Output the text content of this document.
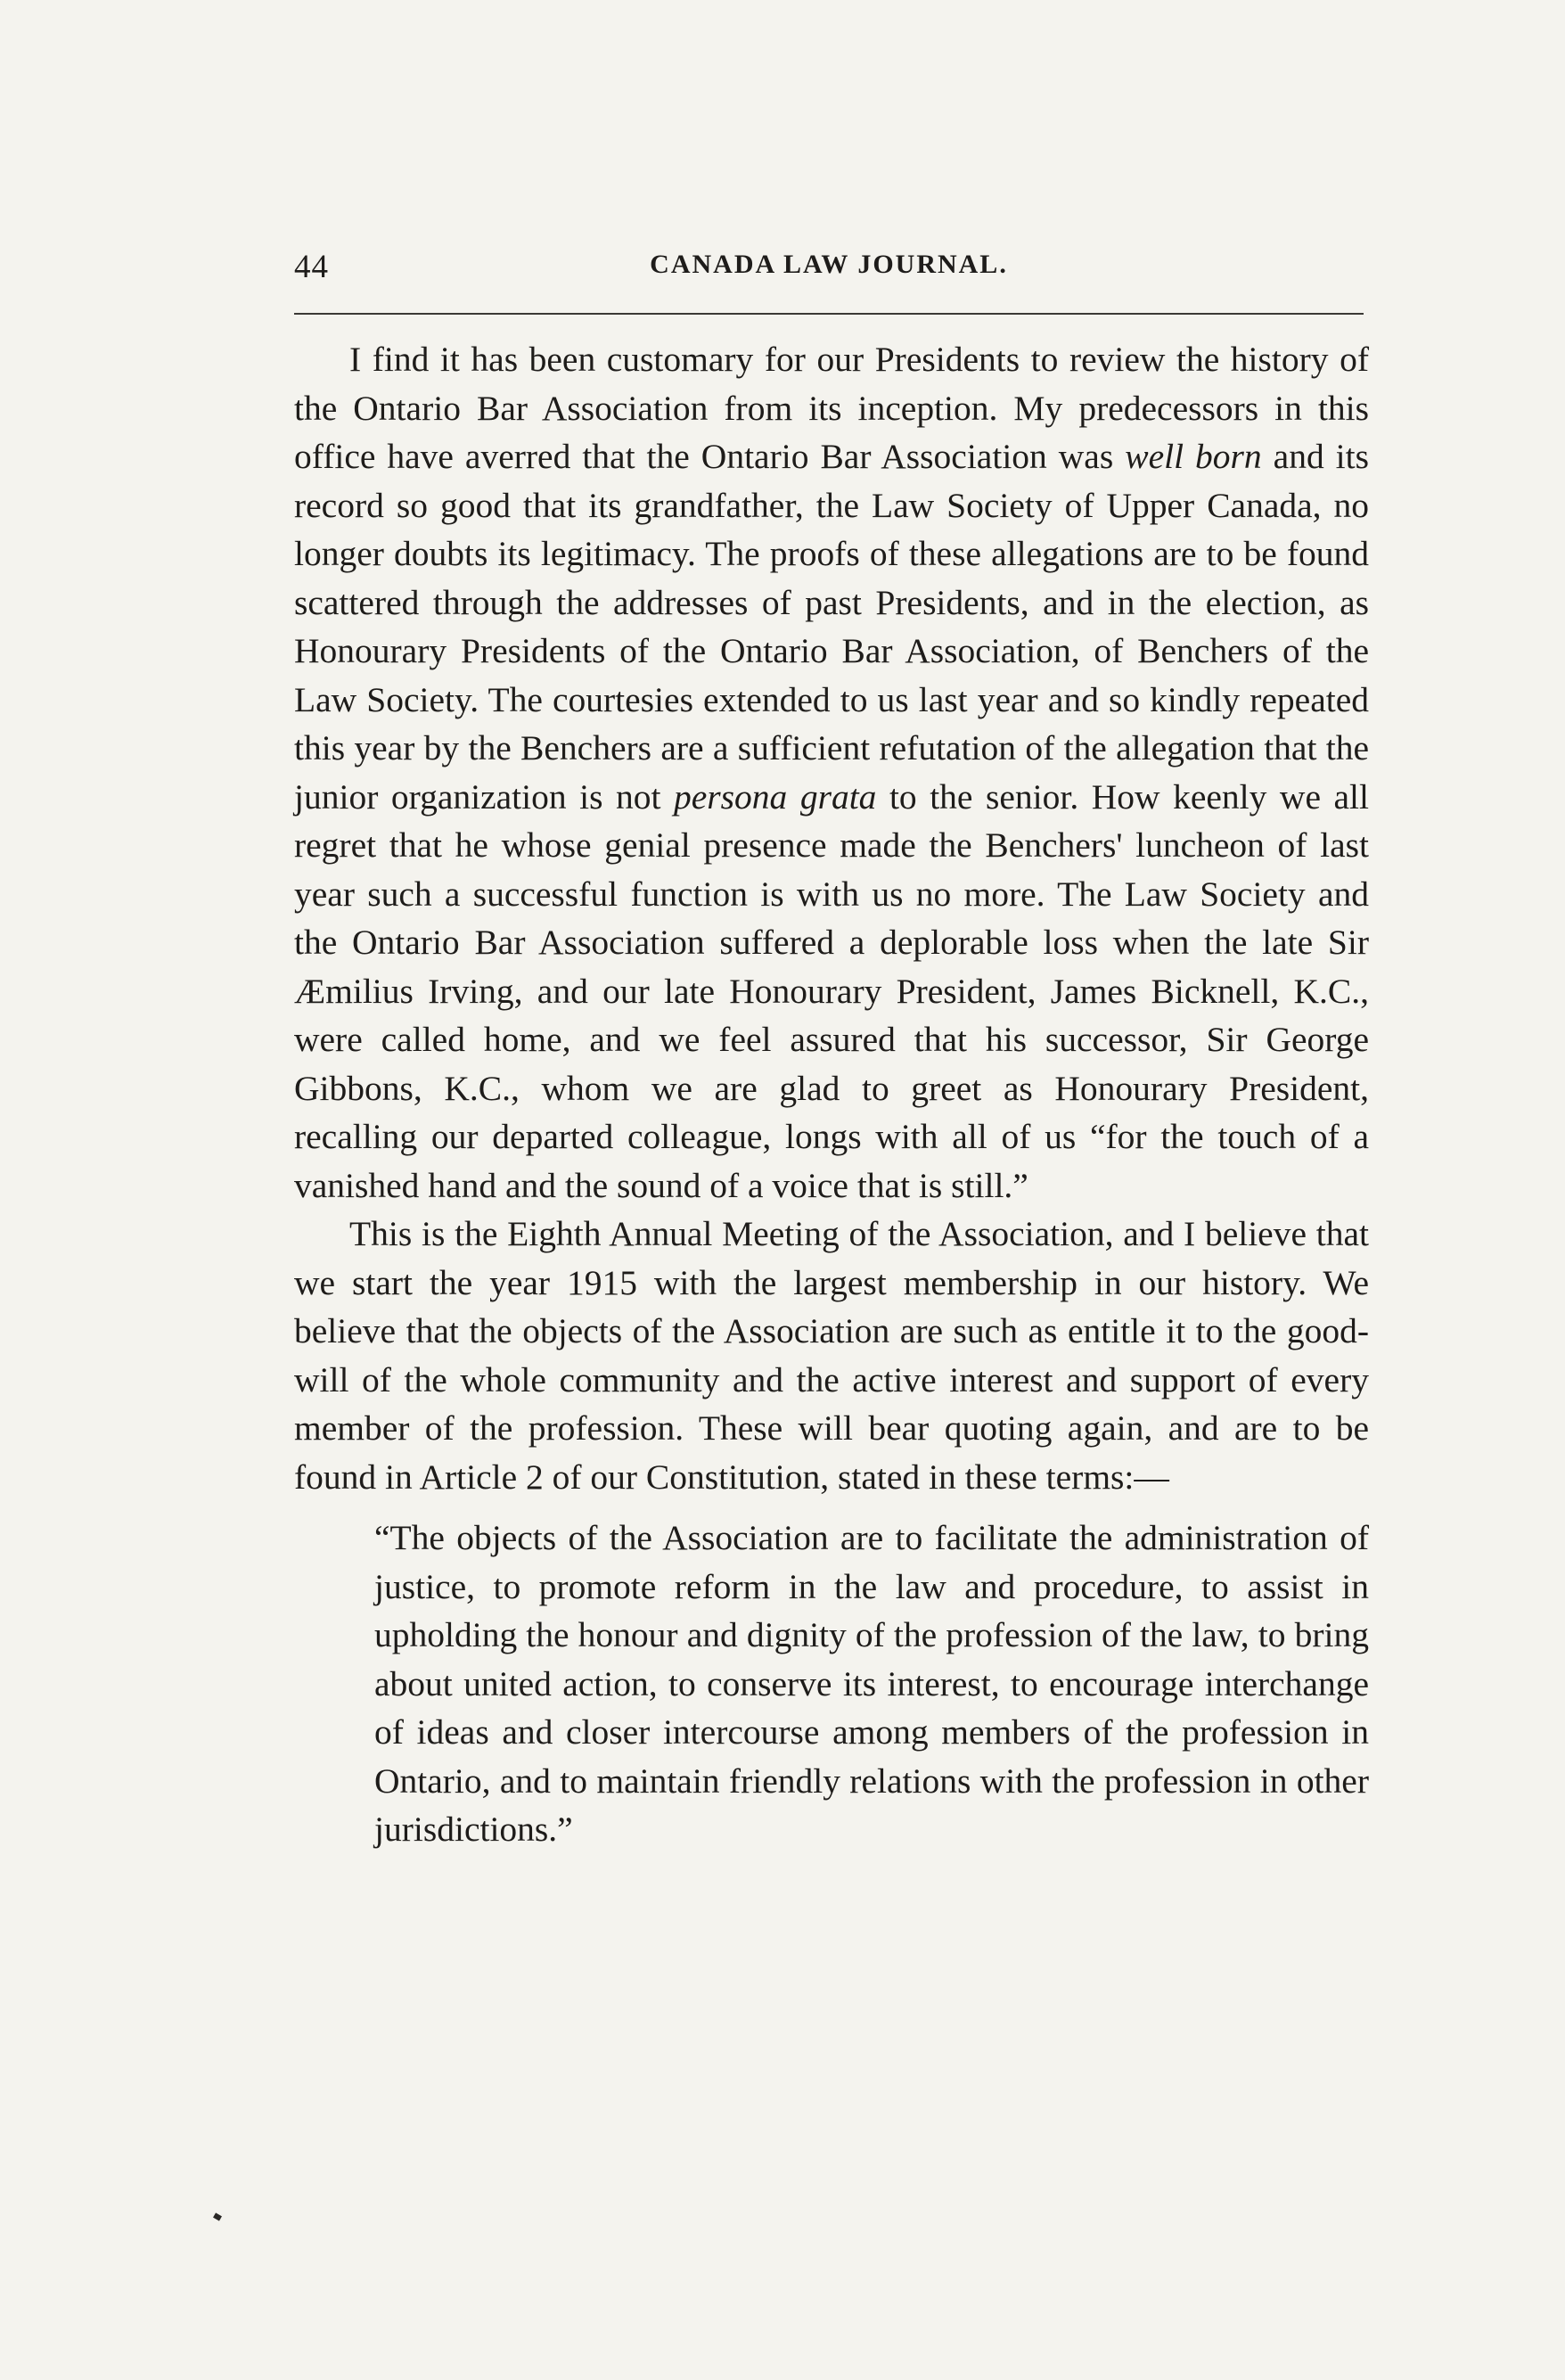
44	CANADA LAW JOURNAL.

I find it has been customary for our Presidents to review the history of the Ontario Bar Association from its inception. My predecessors in this office have averred that the Ontario Bar Association was well born and its record so good that its grandfather, the Law Society of Upper Canada, no longer doubts its legitimacy. The proofs of these allegations are to be found scattered through the addresses of past Presidents, and in the election, as Honourary Presidents of the Ontario Bar Association, of Benchers of the Law Society. The courtesies extended to us last year and so kindly repeated this year by the Benchers are a sufficient refutation of the allegation that the junior organization is not persona grata to the senior. How keenly we all regret that he whose genial presence made the Benchers' luncheon of last year such a successful function is with us no more. The Law Society and the Ontario Bar Association suffered a deplorable loss when the late Sir Æmilius Irving, and our late Honourary President, James Bicknell, K.C., were called home, and we feel assured that his successor, Sir George Gibbons, K.C., whom we are glad to greet as Honourary President, recalling our departed colleague, longs with all of us “for the touch of a vanished hand and the sound of a voice that is still.”

This is the Eighth Annual Meeting of the Association, and I believe that we start the year 1915 with the largest membership in our history. We believe that the objects of the Association are such as entitle it to the good-will of the whole community and the active interest and support of every member of the profession. These will bear quoting again, and are to be found in Article 2 of our Constitution, stated in these terms:—

“The objects of the Association are to facilitate the administration of justice, to promote reform in the law and procedure, to assist in upholding the honour and dignity of the profession of the law, to bring about united action, to conserve its interest, to encourage interchange of ideas and closer intercourse among members of the profession in Ontario, and to maintain friendly relations with the profession in other jurisdictions.”
